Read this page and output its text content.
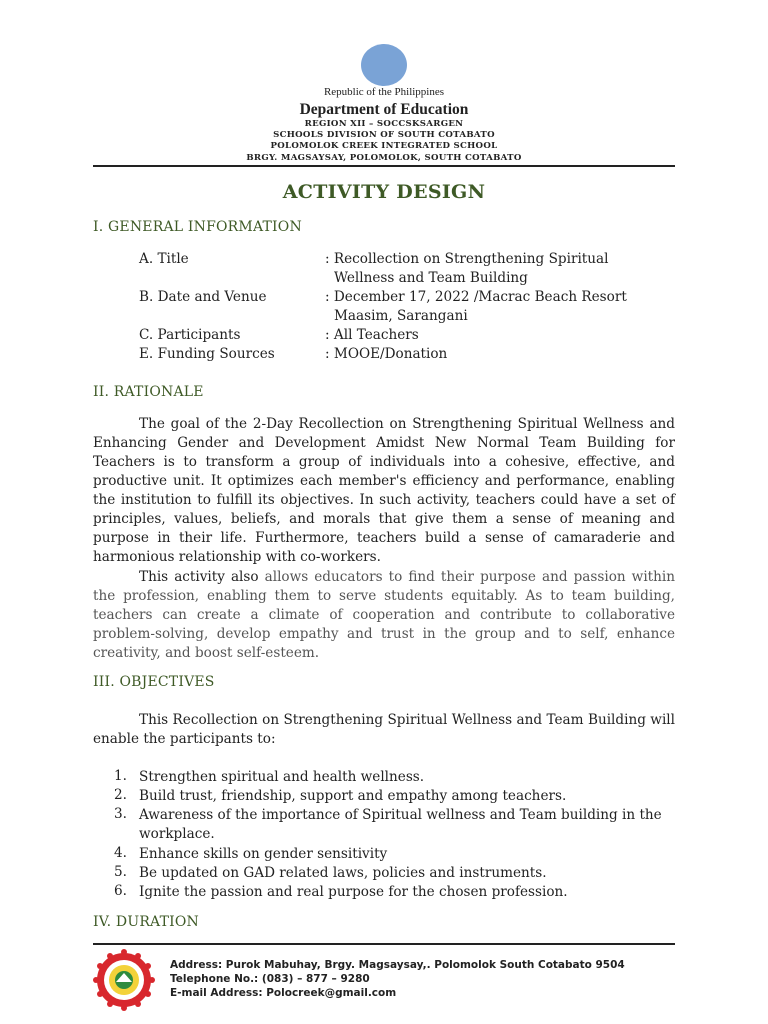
Republic of the Philippines
Department of Education
REGION XII – SOCCSKSARGEN
SCHOOLS DIVISION OF SOUTH COTABATO
POLOMOLOK CREEK INTEGRATED SCHOOL
BRGY. MAGSAYSAY, POLOMOLOK, SOUTH COTABATO
ACTIVITY DESIGN
I. GENERAL INFORMATION
A. Title	: Recollection on Strengthening Spiritual
Wellness and Team Building
B. Date and Venue	: December 17, 2022 /Macrac Beach Resort
Maasim, Sarangani
C. Participants	: All Teachers
E. Funding Sources	: MOOE/Donation
II. RATIONALE
The goal of the 2-Day Recollection on Strengthening Spiritual Wellness and Enhancing Gender and Development Amidst New Normal Team Building for Teachers is to transform a group of individuals into a cohesive, effective, and productive unit. It optimizes each member's efficiency and performance, enabling the institution to fulfill its objectives. In such activity, teachers could have a set of principles, values, beliefs, and morals that give them a sense of meaning and purpose in their life. Furthermore, teachers build a sense of camaraderie and harmonious relationship with co-workers.
This activity also allows educators to find their purpose and passion within the profession, enabling them to serve students equitably. As to team building, teachers can create a climate of cooperation and contribute to collaborative problem-solving, develop empathy and trust in the group and to self, enhance creativity, and boost self-esteem.
III. OBJECTIVES
This Recollection on Strengthening Spiritual Wellness and Team Building will enable the participants to:
1. Strengthen spiritual and health wellness.
2. Build trust, friendship, support and empathy among teachers.
3. Awareness of the importance of Spiritual wellness and Team building in the workplace.
4. Enhance skills on gender sensitivity
5. Be updated on GAD related laws, policies and instruments.
6. Ignite the passion and real purpose for the chosen profession.
IV. DURATION
Address: Purok Mabuhay, Brgy. Magsaysay,. Polomolok South Cotabato 9504
Telephone No.: (083) – 877 – 9280
E-mail Address: Polocreek@gmail.com
